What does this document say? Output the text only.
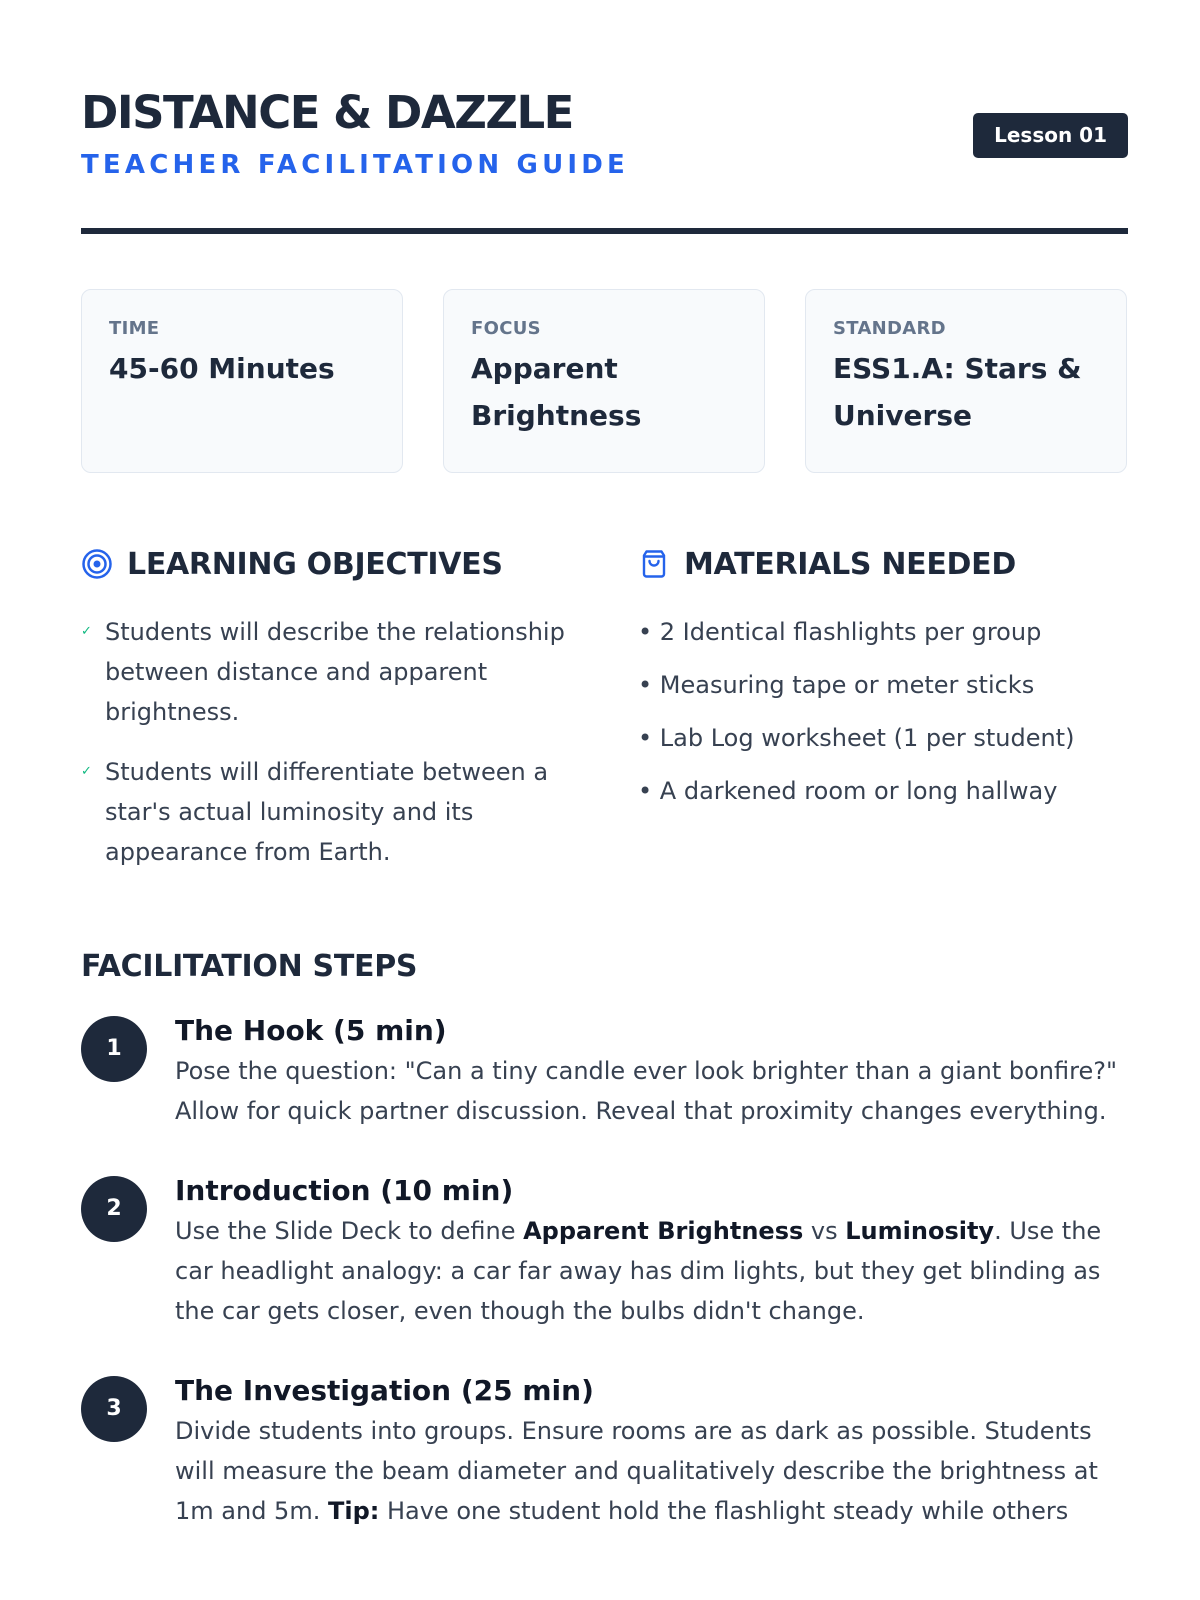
DISTANCE & DAZZLE
TEACHER FACILITATION GUIDE
Lesson 01
TIME
45-60 Minutes
FOCUS
Apparent Brightness
STANDARD
ESS1.A: Stars & Universe
LEARNING OBJECTIVES
✓ Students will describe the relationship between distance and apparent brightness.
✓ Students will differentiate between a star's actual luminosity and its appearance from Earth.
MATERIALS NEEDED
• 2 Identical flashlights per group
• Measuring tape or meter sticks
• Lab Log worksheet (1 per student)
• A darkened room or long hallway
FACILITATION STEPS
1
The Hook (5 min)

Pose the question: "Can a tiny candle ever look brighter than a giant bonfire?" Allow for quick partner discussion. Reveal that proximity changes everything.

2
Introduction (10 min)

Use the Slide Deck to define Apparent Brightness vs Luminosity. Use the car headlight analogy: a car far away has dim lights, but they get blinding as the car gets closer, even though the bulbs didn't change.

3
The Investigation (25 min)

Divide students into groups. Ensure rooms are as dark as possible. Students will measure the beam diameter and qualitatively describe the brightness at 1m and 5m. Tip: Have one student hold the flashlight steady while others
